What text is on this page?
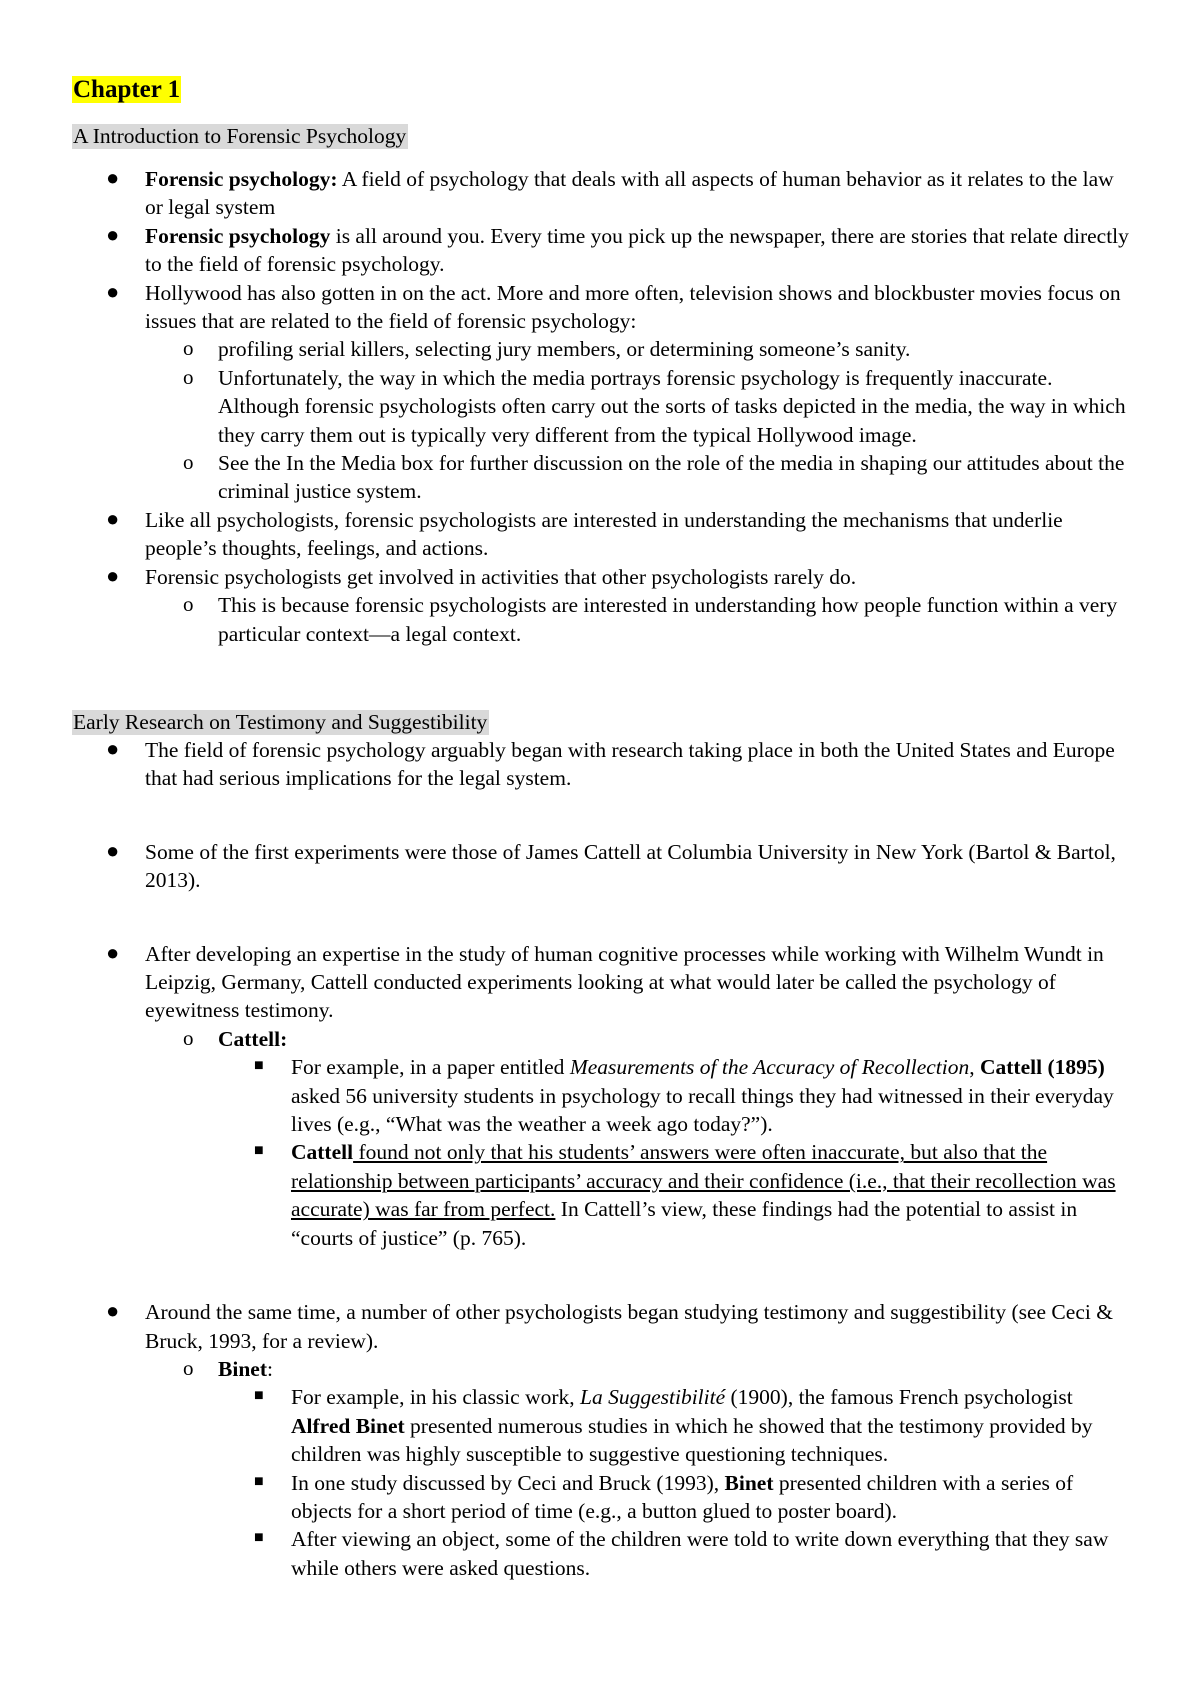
Chapter 1
A Introduction to Forensic Psychology
● Forensic psychology: A field of psychology that deals with all aspects of human behavior as it relates to the law or legal system
● Forensic psychology is all around you. Every time you pick up the newspaper, there are stories that relate directly to the field of forensic psychology.
● Hollywood has also gotten in on the act. More and more often, television shows and blockbuster movies focus on issues that are related to the field of forensic psychology:
o profiling serial killers, selecting jury members, or determining someone’s sanity.
o Unfortunately, the way in which the media portrays forensic psychology is frequently inaccurate. Although forensic psychologists often carry out the sorts of tasks depicted in the media, the way in which they carry them out is typically very different from the typical Hollywood image.
o See the In the Media box for further discussion on the role of the media in shaping our attitudes about the criminal justice system.
● Like all psychologists, forensic psychologists are interested in understanding the mechanisms that underlie people’s thoughts, feelings, and actions.
● Forensic psychologists get involved in activities that other psychologists rarely do.
o This is because forensic psychologists are interested in understanding how people function within a very particular context—a legal context.
Early Research on Testimony and Suggestibility
● The field of forensic psychology arguably began with research taking place in both the United States and Europe that had serious implications for the legal system.
● Some of the first experiments were those of James Cattell at Columbia University in New York (Bartol & Bartol, 2013).
● After developing an expertise in the study of human cognitive processes while working with Wilhelm Wundt in Leipzig, Germany, Cattell conducted experiments looking at what would later be called the psychology of eyewitness testimony.
o Cattell:
■ For example, in a paper entitled Measurements of the Accuracy of Recollection, Cattell (1895) asked 56 university students in psychology to recall things they had witnessed in their everyday lives (e.g., “What was the weather a week ago today?”).
■ Cattell found not only that his students’ answers were often inaccurate, but also that the relationship between participants’ accuracy and their confidence (i.e., that their recollection was accurate) was far from perfect. In Cattell’s view, these findings had the potential to assist in “courts of justice” (p. 765).
● Around the same time, a number of other psychologists began studying testimony and suggestibility (see Ceci & Bruck, 1993, for a review).
o Binet:
■ For example, in his classic work, La Suggestibilité (1900), the famous French psychologist Alfred Binet presented numerous studies in which he showed that the testimony provided by children was highly susceptible to suggestive questioning techniques.
■ In one study discussed by Ceci and Bruck (1993), Binet presented children with a series of objects for a short period of time (e.g., a button glued to poster board).
■ After viewing an object, some of the children were told to write down everything that they saw while others were asked questions.
